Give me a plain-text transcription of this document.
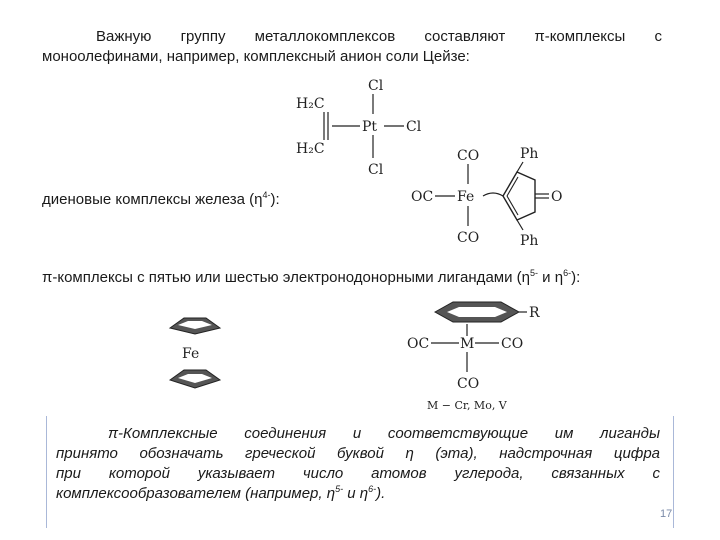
Важную группу металлокомплексов составляют π-комплексы с
моноолефинами, например, комплексный анион соли Цейзе:
H₂C
H₂C
Pt
Cl
Cl
Cl
диеновые комплексы железа $(\eta^{4-})$:
CO
OC Fe
CO
O
Ph
Ph
π-комплексы с пятью или шестью электронодонорными лигандами ($\eta^{5-}$ и $\eta^{6-}$):
Fe
R
OC M CO
CO
M − Cr, Mo, V
π-Комплексные соединения и соответствующие им лиганды
принято обозначать греческой буквой η (эта), надстрочная цифра
при которой указывает число атомов углерода, связанных с
комплексообразователем (например, $\eta^{5-}$ и $\eta^{6-}$).
17
